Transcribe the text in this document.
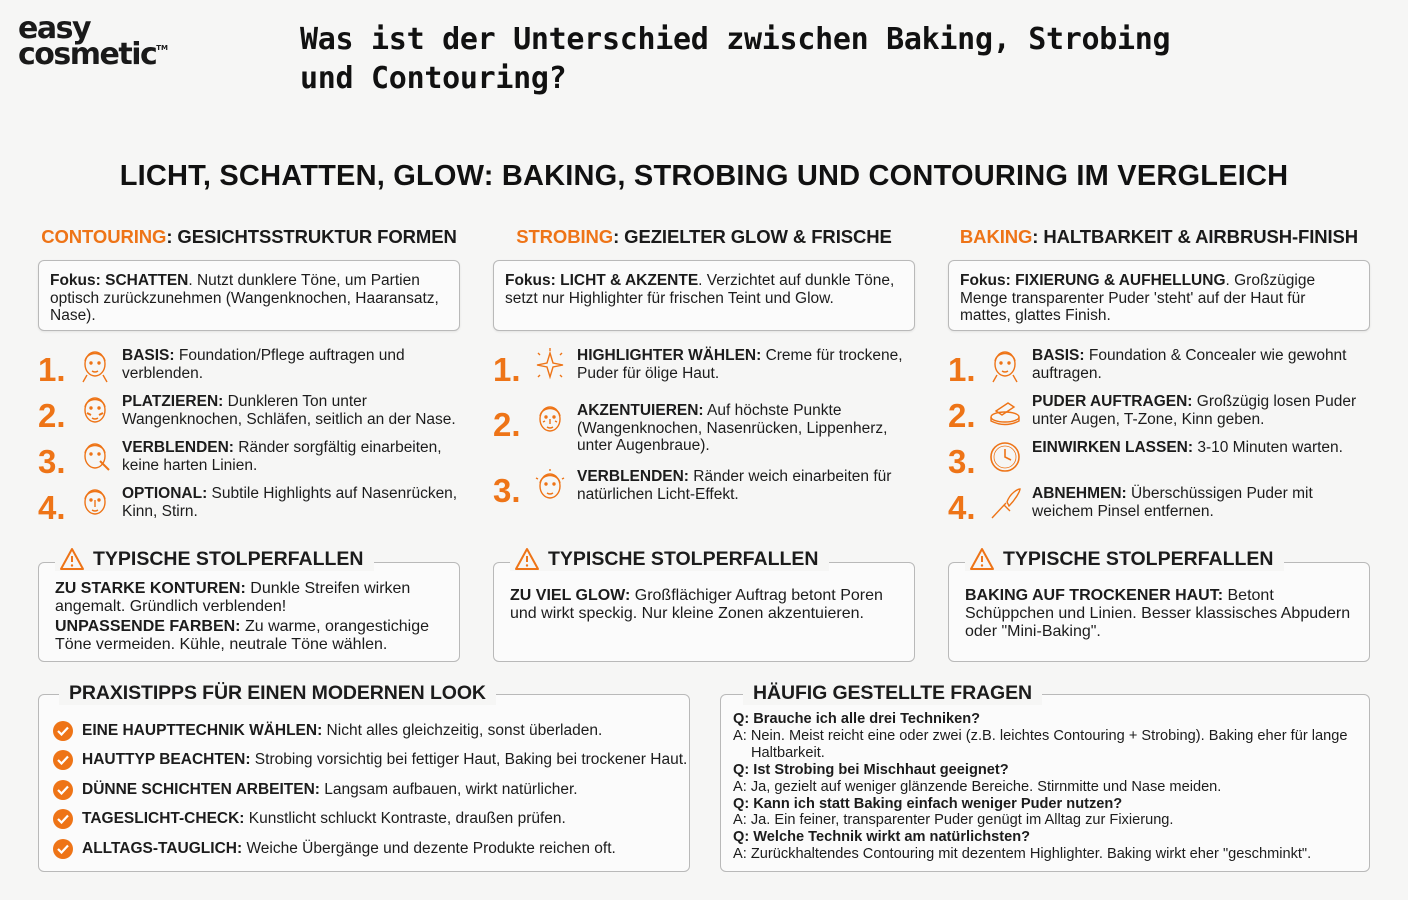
easy
cosmetic™	Was ist der Unterschied zwischen Baking, Strobing und Contouring?
LICHT, SCHATTEN, GLOW: BAKING, STROBING UND CONTOURING IM VERGLEICH
CONTOURING: GESICHTSSTRUKTUR FORMEN
Fokus: SCHATTEN. Nutzt dunklere Töne, um Partien optisch zurückzunehmen (Wangenknochen, Haaransatz, Nase).
1.	BASIS: Foundation/Pflege auftragen und verblenden.
2.	PLATZIEREN: Dunkleren Ton unter Wangenknochen, Schläfen, seitlich an der Nase.
3.	VERBLENDEN: Ränder sorgfältig einarbeiten, keine harten Linien.
4.	OPTIONAL: Subtile Highlights auf Nasenrücken, Kinn, Stirn.
STROBING: GEZIELTER GLOW & FRISCHE
Fokus: LICHT & AKZENTE. Verzichtet auf dunkle Töne, setzt nur Highlighter für frischen Teint und Glow.
1.	HIGHLIGHTER WÄHLEN: Creme für trockene, Puder für ölige Haut.
2.	AKZENTUIEREN: Auf höchste Punkte (Wangenknochen, Nasenrücken, Lippenherz, unter Augenbraue).
3.	VERBLENDEN: Ränder weich einarbeiten für natürlichen Licht-Effekt.
BAKING: HALTBARKEIT & AIRBRUSH-FINISH
Fokus: FIXIERUNG & AUFHELLUNG. Großzügige Menge transparenter Puder 'steht' auf der Haut für mattes, glattes Finish.
1.	BASIS: Foundation & Concealer wie gewohnt auftragen.
2.	PUDER AUFTRAGEN: Großzügig losen Puder unter Augen, T-Zone, Kinn geben.
3.	EINWIRKEN LASSEN: 3-10 Minuten warten.
4.	ABNEHMEN: Überschüssigen Puder mit weichem Pinsel entfernen.
TYPISCHE STOLPERFALLEN

ZU STARKE KONTUREN: Dunkle Streifen wirken angemalt. Gründlich verblenden!

UNPASSENDE FARBEN: Zu warme, orangestichige Töne vermeiden. Kühle, neutrale Töne wählen.

TYPISCHE STOLPERFALLEN

ZU VIEL GLOW: Großflächiger Auftrag betont Poren und wirkt speckig. Nur kleine Zonen akzentuieren.

TYPISCHE STOLPERFALLEN

BAKING AUF TROCKENER HAUT: Betont Schüppchen und Linien. Besser klassisches Abpudern oder "Mini-Baking".

PRAXISTIPPS FÜR EINEN MODERNEN LOOK
EINE HAUPTTECHNIK WÄHLEN: Nicht alles gleichzeitig, sonst überladen.
HAUTTYP BEACHTEN: Strobing vorsichtig bei fettiger Haut, Baking bei trockener Haut.
DÜNNE SCHICHTEN ARBEITEN: Langsam aufbauen, wirkt natürlicher.
TAGESLICHT-CHECK: Kunstlicht schluckt Kontraste, draußen prüfen.
ALLTAGS-TAUGLICH: Weiche Übergänge und dezente Produkte reichen oft.
HÄUFIG GESTELLTE FRAGEN
Q: Brauche ich alle drei Techniken?
A: Nein. Meist reicht eine oder zwei (z.B. leichtes Contouring + Strobing). Baking eher für lange Haltbarkeit.
Q: Ist Strobing bei Mischhaut geeignet?
A: Ja, gezielt auf weniger glänzende Bereiche. Stirnmitte und Nase meiden.
Q: Kann ich statt Baking einfach weniger Puder nutzen?
A: Ja. Ein feiner, transparenter Puder genügt im Alltag zur Fixierung.
Q: Welche Technik wirkt am natürlichsten?
A: Zurückhaltendes Contouring mit dezentem Highlighter. Baking wirkt eher "geschminkt".
